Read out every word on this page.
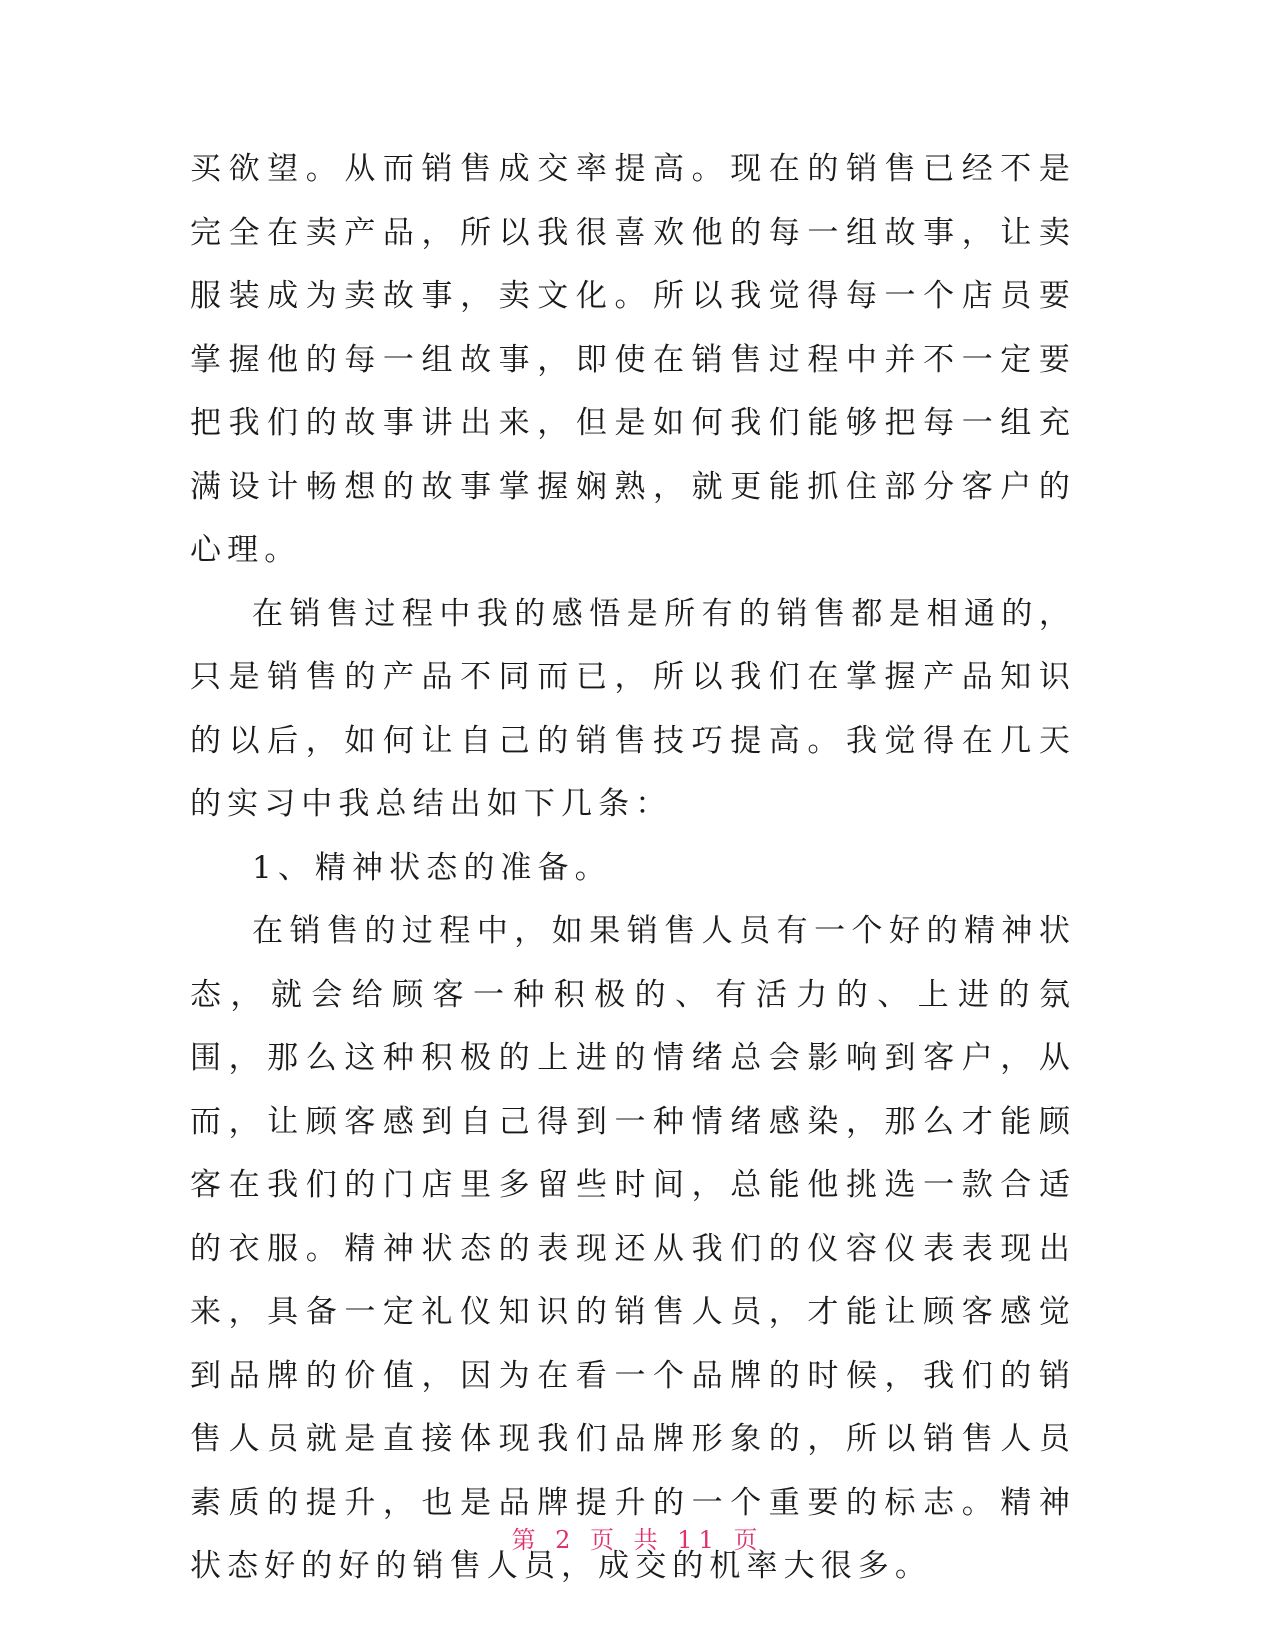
买欲望。从而销售成交率提高。现在的销售已经不是完全在卖产品，所以我很喜欢他的每一组故事，让卖服装成为卖故事，卖文化。所以我觉得每一个店员要掌握他的每一组故事，即使在销售过程中并不一定要把我们的故事讲出来，但是如何我们能够把每一组充满设计畅想的故事掌握娴熟，就更能抓住部分客户的心理。

在销售过程中我的感悟是所有的销售都是相通的，只是销售的产品不同而已，所以我们在掌握产品知识的以后，如何让自己的销售技巧提高。我觉得在几天的实习中我总结出如下几条：

1、精神状态的准备。

在销售的过程中，如果销售人员有一个好的精神状态，就会给顾客一种积极的、有活力的、上进的氛围，那么这种积极的上进的情绪总会影响到客户，从而，让顾客感到自己得到一种情绪感染，那么才能顾客在我们的门店里多留些时间，总能他挑选一款合适的衣服。精神状态的表现还从我们的仪容仪表表现出来，具备一定礼仪知识的销售人员，才能让顾客感觉到品牌的价值，因为在看一个品牌的时候，我们的销售人员就是直接体现我们品牌形象的，所以销售人员素质的提升，也是品牌提升的一个重要的标志。精神状态好的好的销售人员，成交的机率大很多。

第 2 页 共 11 页
